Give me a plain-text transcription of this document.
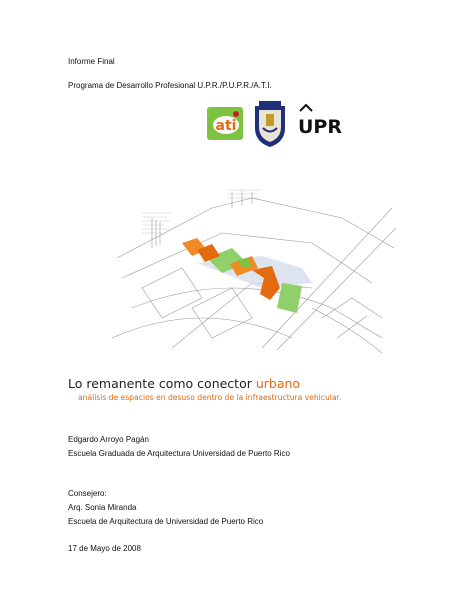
Informe Final
Programa de Desarrollo Profesional U.P.R./P.U.P.R./A.T.I.
ati	UPR
Lo remanente como conector urbano
análisis de espacios en desuso dentro de la infraestructura vehicular.
Edgardo Arroyo Pagán
Escuela Graduada de Arquitectura Universidad de Puerto Rico
Consejero:
Arq. Sonia Miranda
Escuela de Arquitectura de Universidad de Puerto Rico
17 de Mayo de 2008
